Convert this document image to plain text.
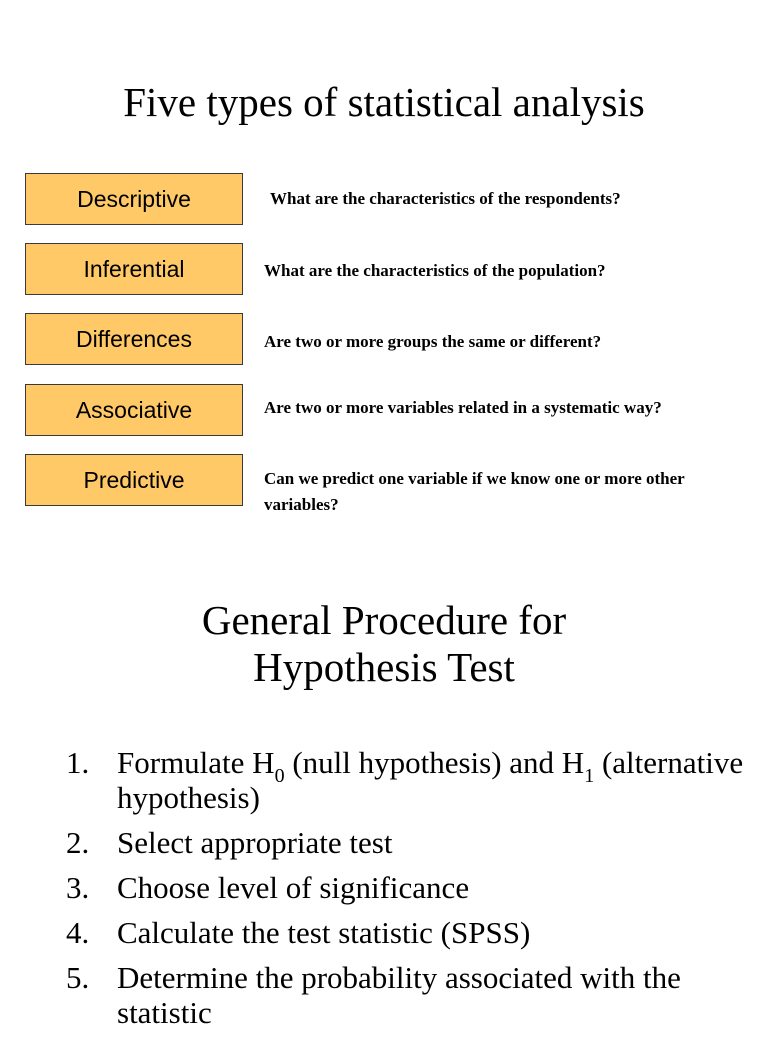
Five types of statistical analysis
Descriptive	What are the characteristics of the respondents?
Inferential	What are the characteristics of the population?
Differences	Are two or more groups the same or different?
Associative	Are two or more variables related in a systematic way?
Predictive	Can we predict one variable if we know one or more other variables?
General Procedure for
Hypothesis Test
1. Formulate $H_0$ (null hypothesis) and $H_1$ (alternative hypothesis)
2. Select appropriate test
3. Choose level of significance
4. Calculate the test statistic (SPSS)
5. Determine the probability associated with the statistic
